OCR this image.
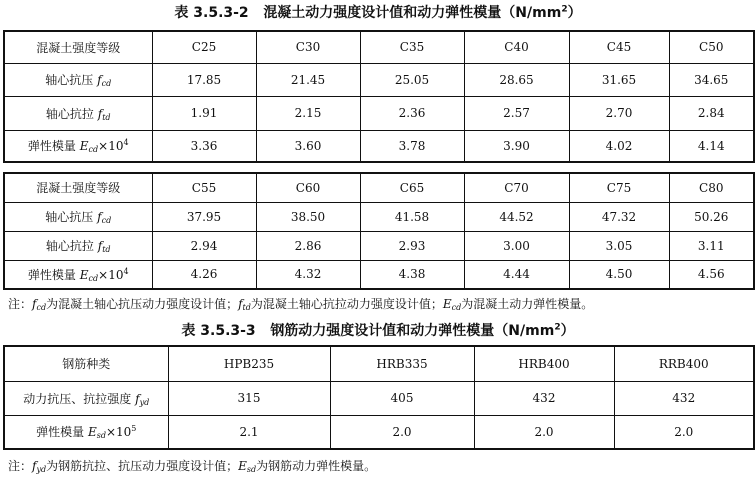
表 3.5.3-2 混凝土动力强度设计值和动力弹性模量$(N/mm^2)$
混凝土强度等级	C25	C30	C35	C40	C45	C50
轴心抗压 $f_{cd}$	17.85	21.45	25.05	28.65	31.65	34.65
轴心抗拉 $f_{td}$	1.91	2.15	2.36	2.57	2.70	2.84
弹性模量 $E_{cd}\times 10^4$	3.36	3.60	3.78	3.90	4.02	4.14
混凝土强度等级	C55	C60	C65	C70	C75	C80
轴心抗压 $f_{cd}$	37.95	38.50	41.58	44.52	47.32	50.26
轴心抗拉 $f_{td}$	2.94	2.86	2.93	3.00	3.05	3.11
弹性模量 $E_{cd}\times 10^4$	4.26	4.32	4.38	4.44	4.50	4.56
注：$f_{cd}$为混凝土轴心抗压动力强度设计值；$f_{td}$为混凝土轴心抗拉动力强度设计值；$E_{cd}$为混凝土动力弹性模量。
表 3.5.3-3 钢筋动力强度设计值和动力弹性模量$(N/mm^2)$
钢筋种类	HPB235	HRB335	HRB400	RRB400
动力抗压、抗拉强度 $f_{yd}$	315	405	432	432
弹性模量 $E_{sd}\times 10^5$	2.1	2.0	2.0	2.0
注：$f_{yd}$为钢筋抗拉、抗压动力强度设计值；$E_{sd}$为钢筋动力弹性模量。
